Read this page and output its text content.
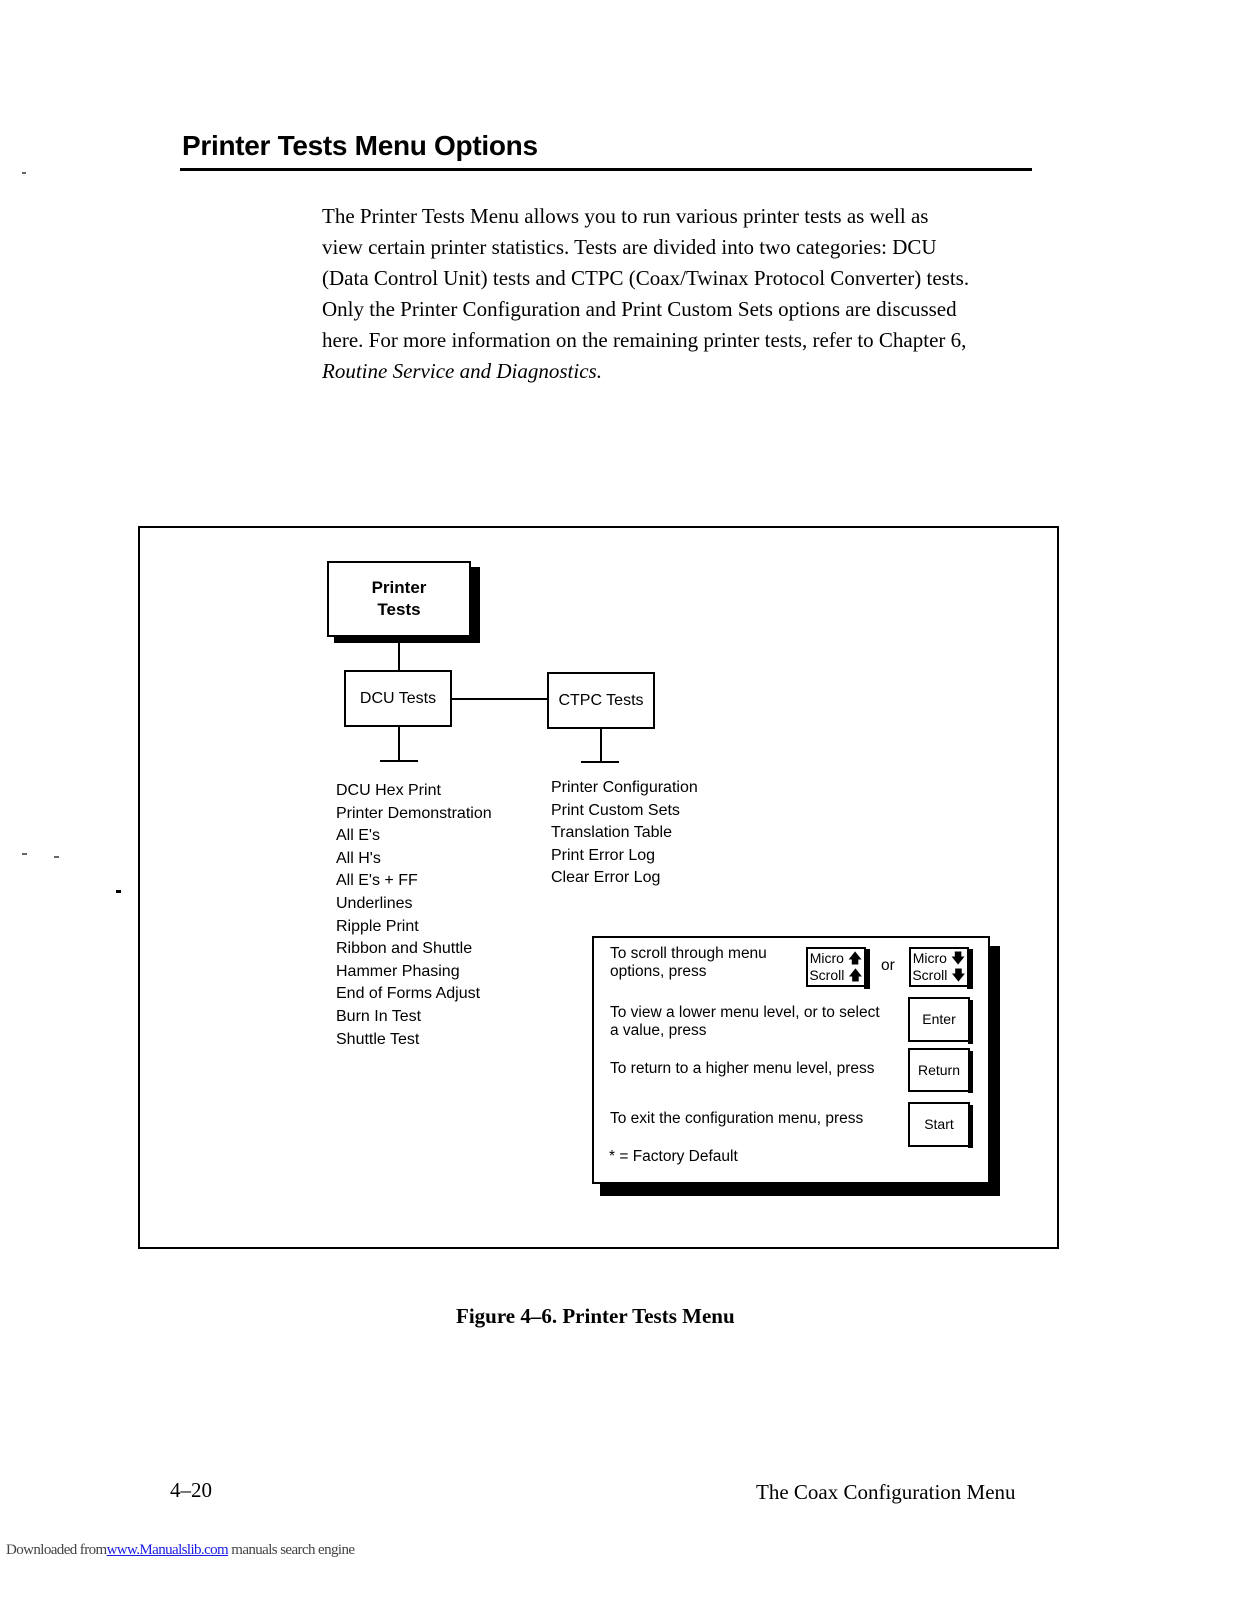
Printer Tests Menu Options
The Printer Tests Menu allows you to run various printer tests as well as
view certain printer statistics. Tests are divided into two categories: DCU
(Data Control Unit) tests and CTPC (Coax/Twinax Protocol Converter) tests.
Only the Printer Configuration and Print Custom Sets options are discussed
here. For more information on the remaining printer tests, refer to Chapter 6,
Routine Service and Diagnostics.
Printer
Tests
DCU Tests	CTPC Tests
DCU Hex Print
Printer Demonstration
All E's
All H's
All E's + FF
Underlines
Ripple Print
Ribbon and Shuttle
Hammer Phasing
End of Forms Adjust
Burn In Test
Shuttle Test
Printer Configuration
Print Custom Sets
Translation Table
Print Error Log
Clear Error Log
To scroll through menu
options, press
Micro 🡅
Scroll 🡅
or Micro 🡇
Scroll 🡇
To view a lower menu level, or to select
a value, press
Enter
To return to a higher menu level, press	Return
To exit the configuration menu, press	Start
* = Factory Default
Figure 4–6. Printer Tests Menu
4–20	The Coax Configuration Menu
Downloaded fromwww.Manualslib.com manuals search engine
